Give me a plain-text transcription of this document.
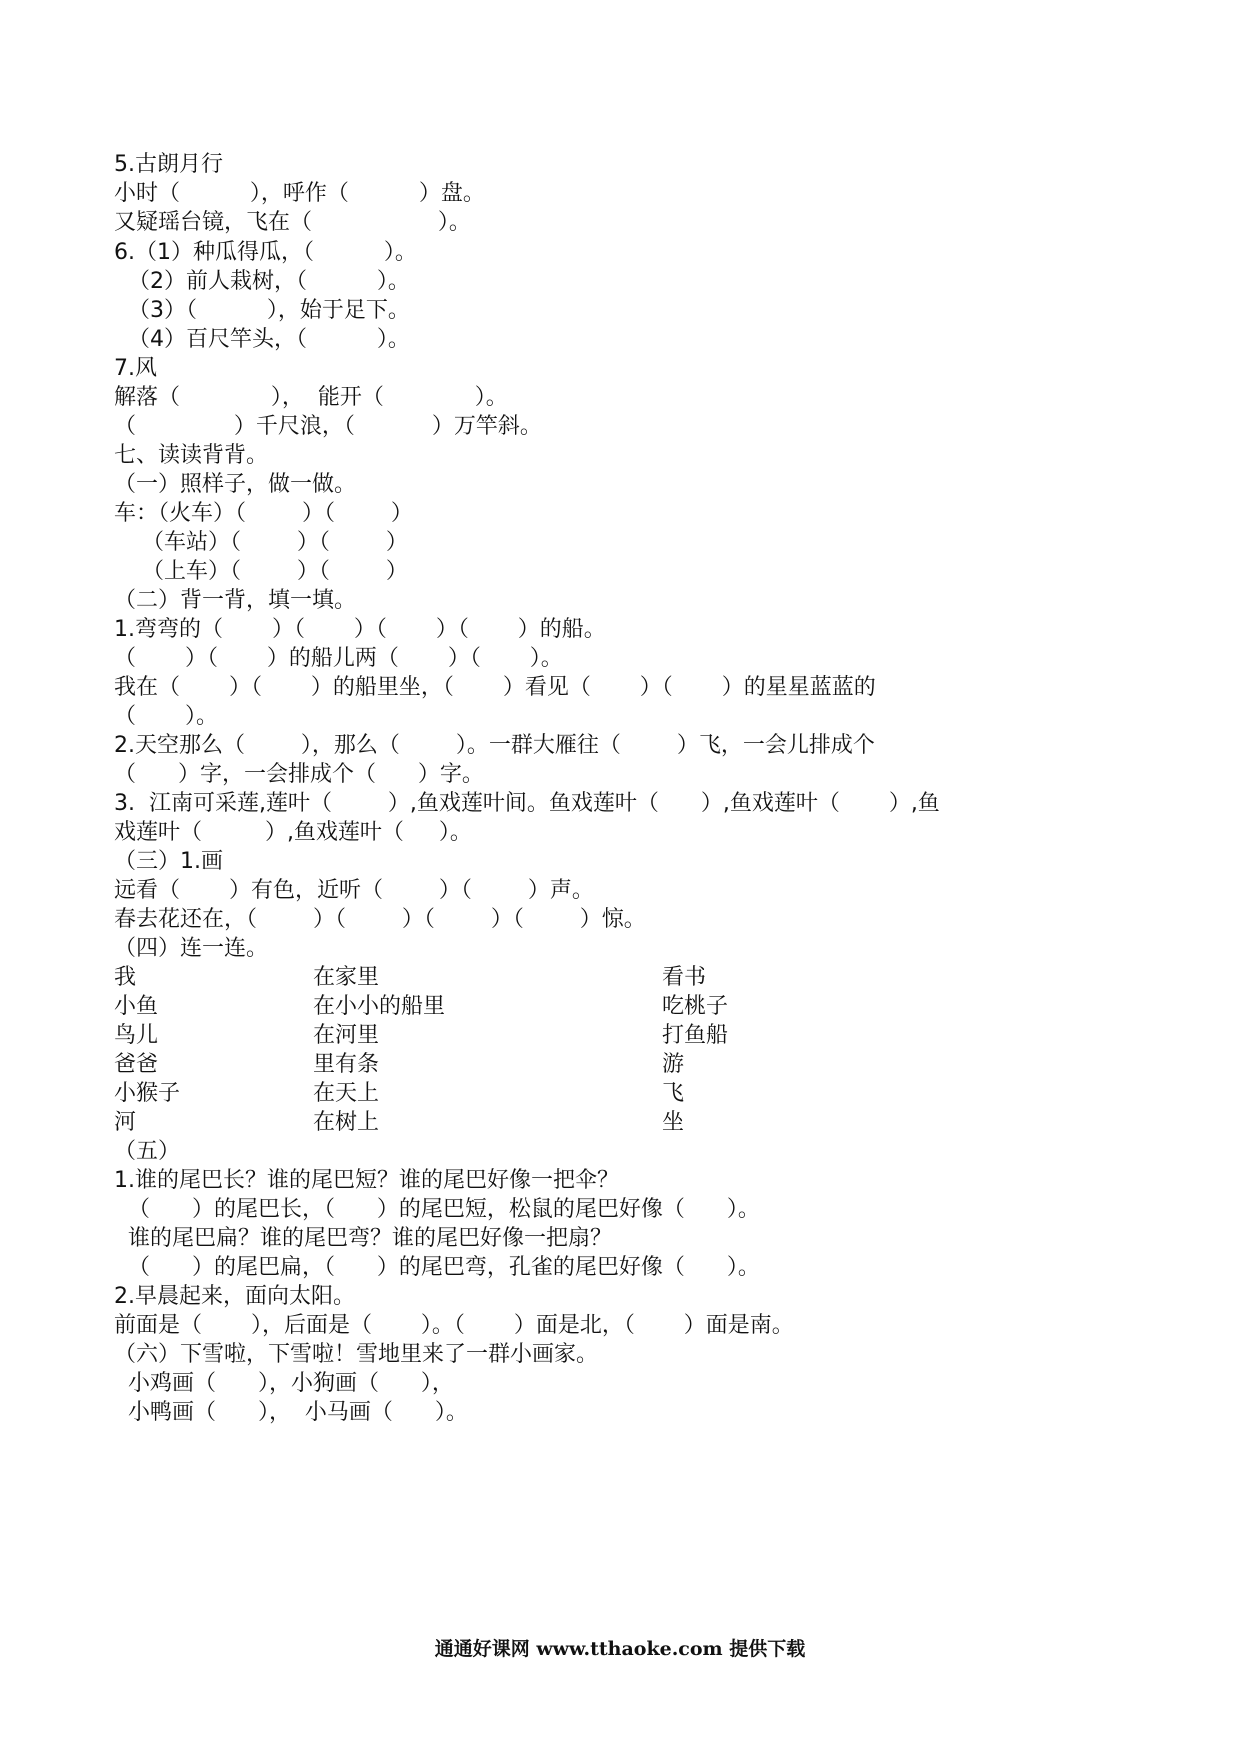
5.古朗月行
小时（          ），呼作（          ）盘。
又疑瑶台镜，飞在（                  ）。
6.（1）种瓜得瓜，（          ）。
（2）前人栽树，（          ）。
（3）（          ），始于足下。
（4）百尺竿头，（          ）。
7.风
解落（             ），  能开（             ）。
（              ）千尺浪，（           ）万竿斜。
七、读读背背。
（一）照样子，做一做。
车：（火车）（        ）（        ）
（车站）（        ）（        ）
（上车）（        ）（        ）
（二）背一背，填一填。
1.弯弯的（       ）（       ）（       ）（       ）的船。
（       ）（       ）的船儿两（       ）（       ）。
我在（       ）（       ）的船里坐，（       ）看见（       ）（       ）的星星蓝蓝的
（       ）。
2.天空那么（        ），那么（        ）。一群大雁往（        ）飞，一会儿排成个
（      ）字，一会排成个（      ）字。
3.  江南可采莲,莲叶（        ）,鱼戏莲叶间。鱼戏莲叶（      ）,鱼戏莲叶（       ）,鱼
戏莲叶（         ）,鱼戏莲叶（     ）。
（三）1.画
远看（       ）有色，近听（        ）（        ）声。
春去花还在，（        ）（        ）（        ）（        ）惊。
（四）连一连。
我
小鱼
鸟儿
爸爸
小猴子
河
在家里
在小小的船里
在河里
里有条
在天上
在树上
看书
吃桃子
打鱼船
游
飞
坐
（五）
1.谁的尾巴长？谁的尾巴短？谁的尾巴好像一把伞？
（      ）的尾巴长，（      ）的尾巴短，松鼠的尾巴好像（      ）。
谁的尾巴扁？谁的尾巴弯？谁的尾巴好像一把扇？
（      ）的尾巴扁，（      ）的尾巴弯，孔雀的尾巴好像（      ）。
2.早晨起来，面向太阳。
前面是（       ），后面是（       ）。（       ）面是北，（       ）面是南。
（六）下雪啦，下雪啦！雪地里来了一群小画家。
小鸡画（      ），小狗画（      ），
小鸭画（      ），  小马画（      ）。
通通好课网 www.tthaoke.com 提供下载
